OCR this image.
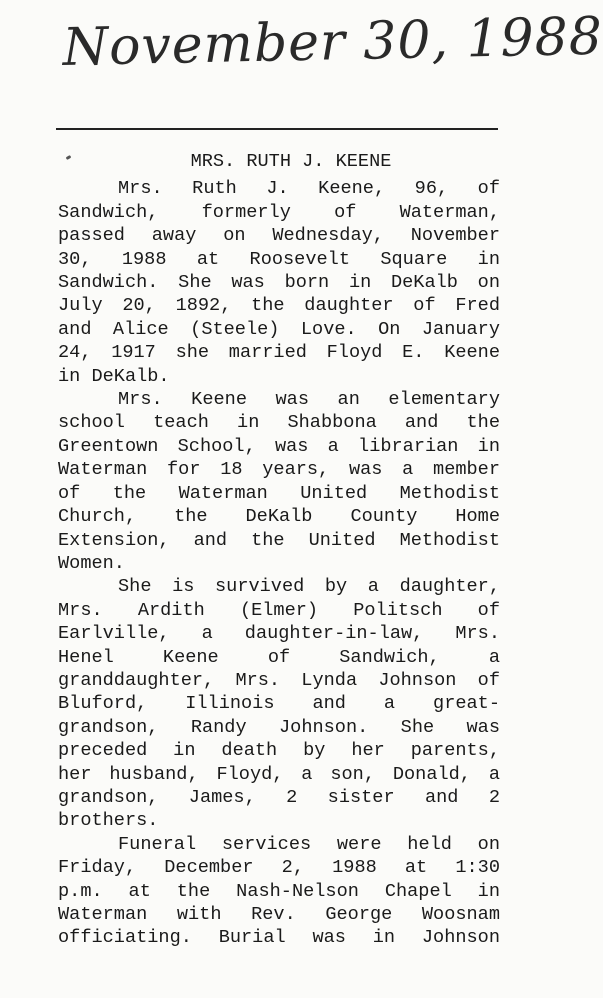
November 30, 1988
MRS. RUTH J. KEENE

Mrs. Ruth J. Keene, 96, of
Sandwich, formerly of Waterman,
passed away on Wednesday, November
30, 1988 at Roosevelt Square in
Sandwich. She was born in DeKalb on
July 20, 1892, the daughter of Fred
and Alice (Steele) Love. On January
24, 1917 she married Floyd E. Keene
in DeKalb.

Mrs. Keene was an elementary
school teach in Shabbona and the
Greentown School, was a librarian in
Waterman for 18 years, was a member
of the Waterman United Methodist
Church, the DeKalb County Home
Extension, and the United Methodist
Women.

She is survived by a daughter,
Mrs. Ardith (Elmer) Politsch of
Earlville, a daughter-in-law, Mrs.
Henel Keene of Sandwich, a
granddaughter, Mrs. Lynda Johnson of
Bluford, Illinois and a great-
grandson, Randy Johnson. She was
preceded in death by her parents,
her husband, Floyd, a son, Donald, a
grandson, James, 2 sister and 2
brothers.

Funeral services were held on
Friday, December 2, 1988 at 1:30
p.m. at the Nash-Nelson Chapel in
Waterman with Rev. George Woosnam
officiating. Burial was in Johnson
